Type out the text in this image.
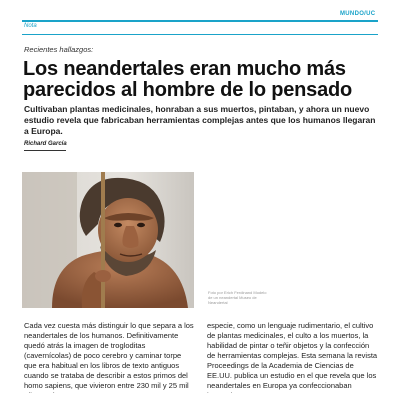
MUNDO/UC
Nota
Recientes hallazgos:
Los neandertales eran mucho más parecidos al hombre de lo pensado

Cultivaban plantas medicinales, honraban a sus muertos, pintaban, y ahora un nuevo estudio revela que fabricaban herramientas complejas antes que los humanos llegaran a Europa.

Richard García
Foto por Erich Ferdinand Modelo de un neandertal Museo de Neandertal

Cada vez cuesta más distinguir lo que separa a los neandertales de los humanos. Definitivamente quedó atrás la imagen de trogloditas (cavernícolas) de poco cerebro y caminar torpe que era habitual en los libros de texto antiguos cuando se trataba de describir a estos primos del homo sapiens, que vivieron entre 230 mil y 25 mil

especie, como un lenguaje rudimentario, el cultivo de plantas medicinales, el culto a los muertos, la habilidad de pintar o teñir objetos y la confección de herramientas complejas. Esta semana la revista Proceedings de la Academia de Ciencias de EE.UU. publica un estudio en el que revela que los neandertales en Europa ya confeccionaban
